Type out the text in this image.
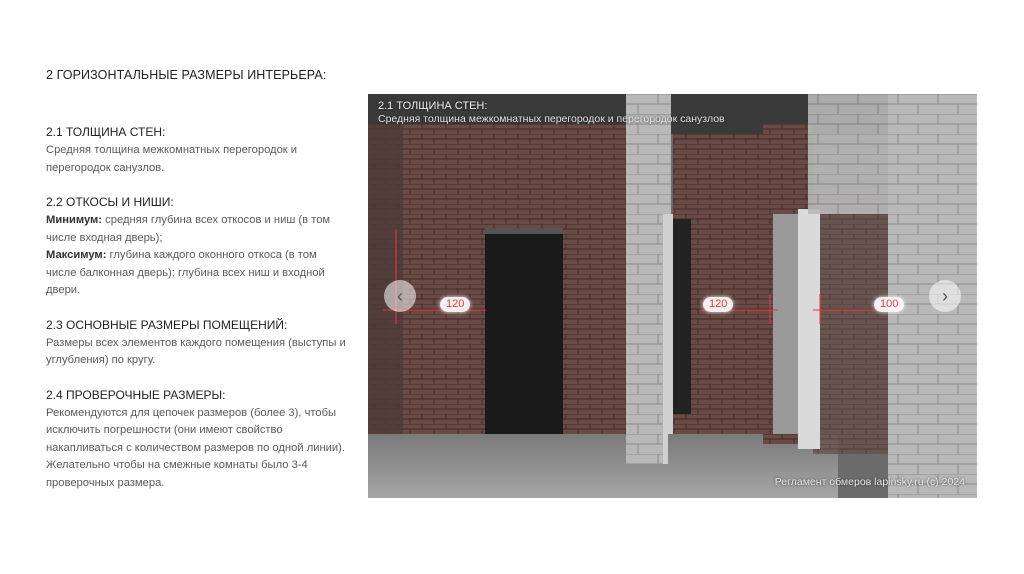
2 ГОРИЗОНТАЛЬНЫЕ РАЗМЕРЫ ИНТЕРЬЕРА:
2.1 ТОЛЩИНА СТЕН:
Средняя толщина межкомнатных перегородок и перегородок санузлов.
2.2 ОТКОСЫ И НИШИ:
Минимум: средняя глубина всех откосов и ниш (в том числе входная дверь);
Максимум: глубина каждого оконного откоса (в том числе балконная дверь); глубина всех ниш и входной двери.
2.3 ОСНОВНЫЕ РАЗМЕРЫ ПОМЕЩЕНИЙ:
Размеры всех элементов каждого помещения (выступы и углубления) по кругу.
2.4 ПРОВЕРОЧНЫЕ РАЗМЕРЫ:
Рекомендуются для цепочек размеров (более 3), чтобы исключить погрешности (они имеют свойство накапливаться с количеством размеров по одной линии). Желательно чтобы на смежные комнаты было 3-4 проверочных размера.
2.1 ТОЛЩИНА СТЕН:
Средняя толщина межкомнатных перегородок и перегородок санузлов
120	120	100
‹	›
Регламент обмеров lapinsky.ru (с) 2024
